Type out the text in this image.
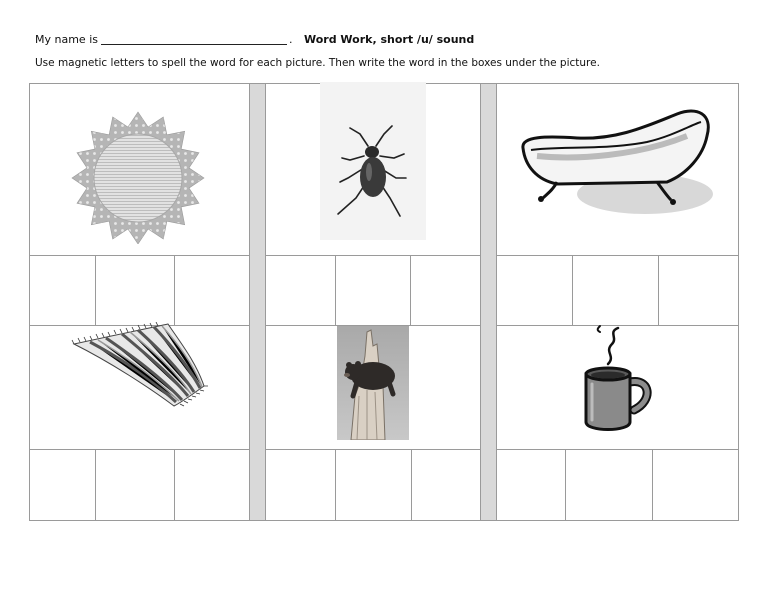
My name is	. Word Work, short /u/ sound
Use magnetic letters to spell the word for each picture. Then write the word in the boxes under the picture.
